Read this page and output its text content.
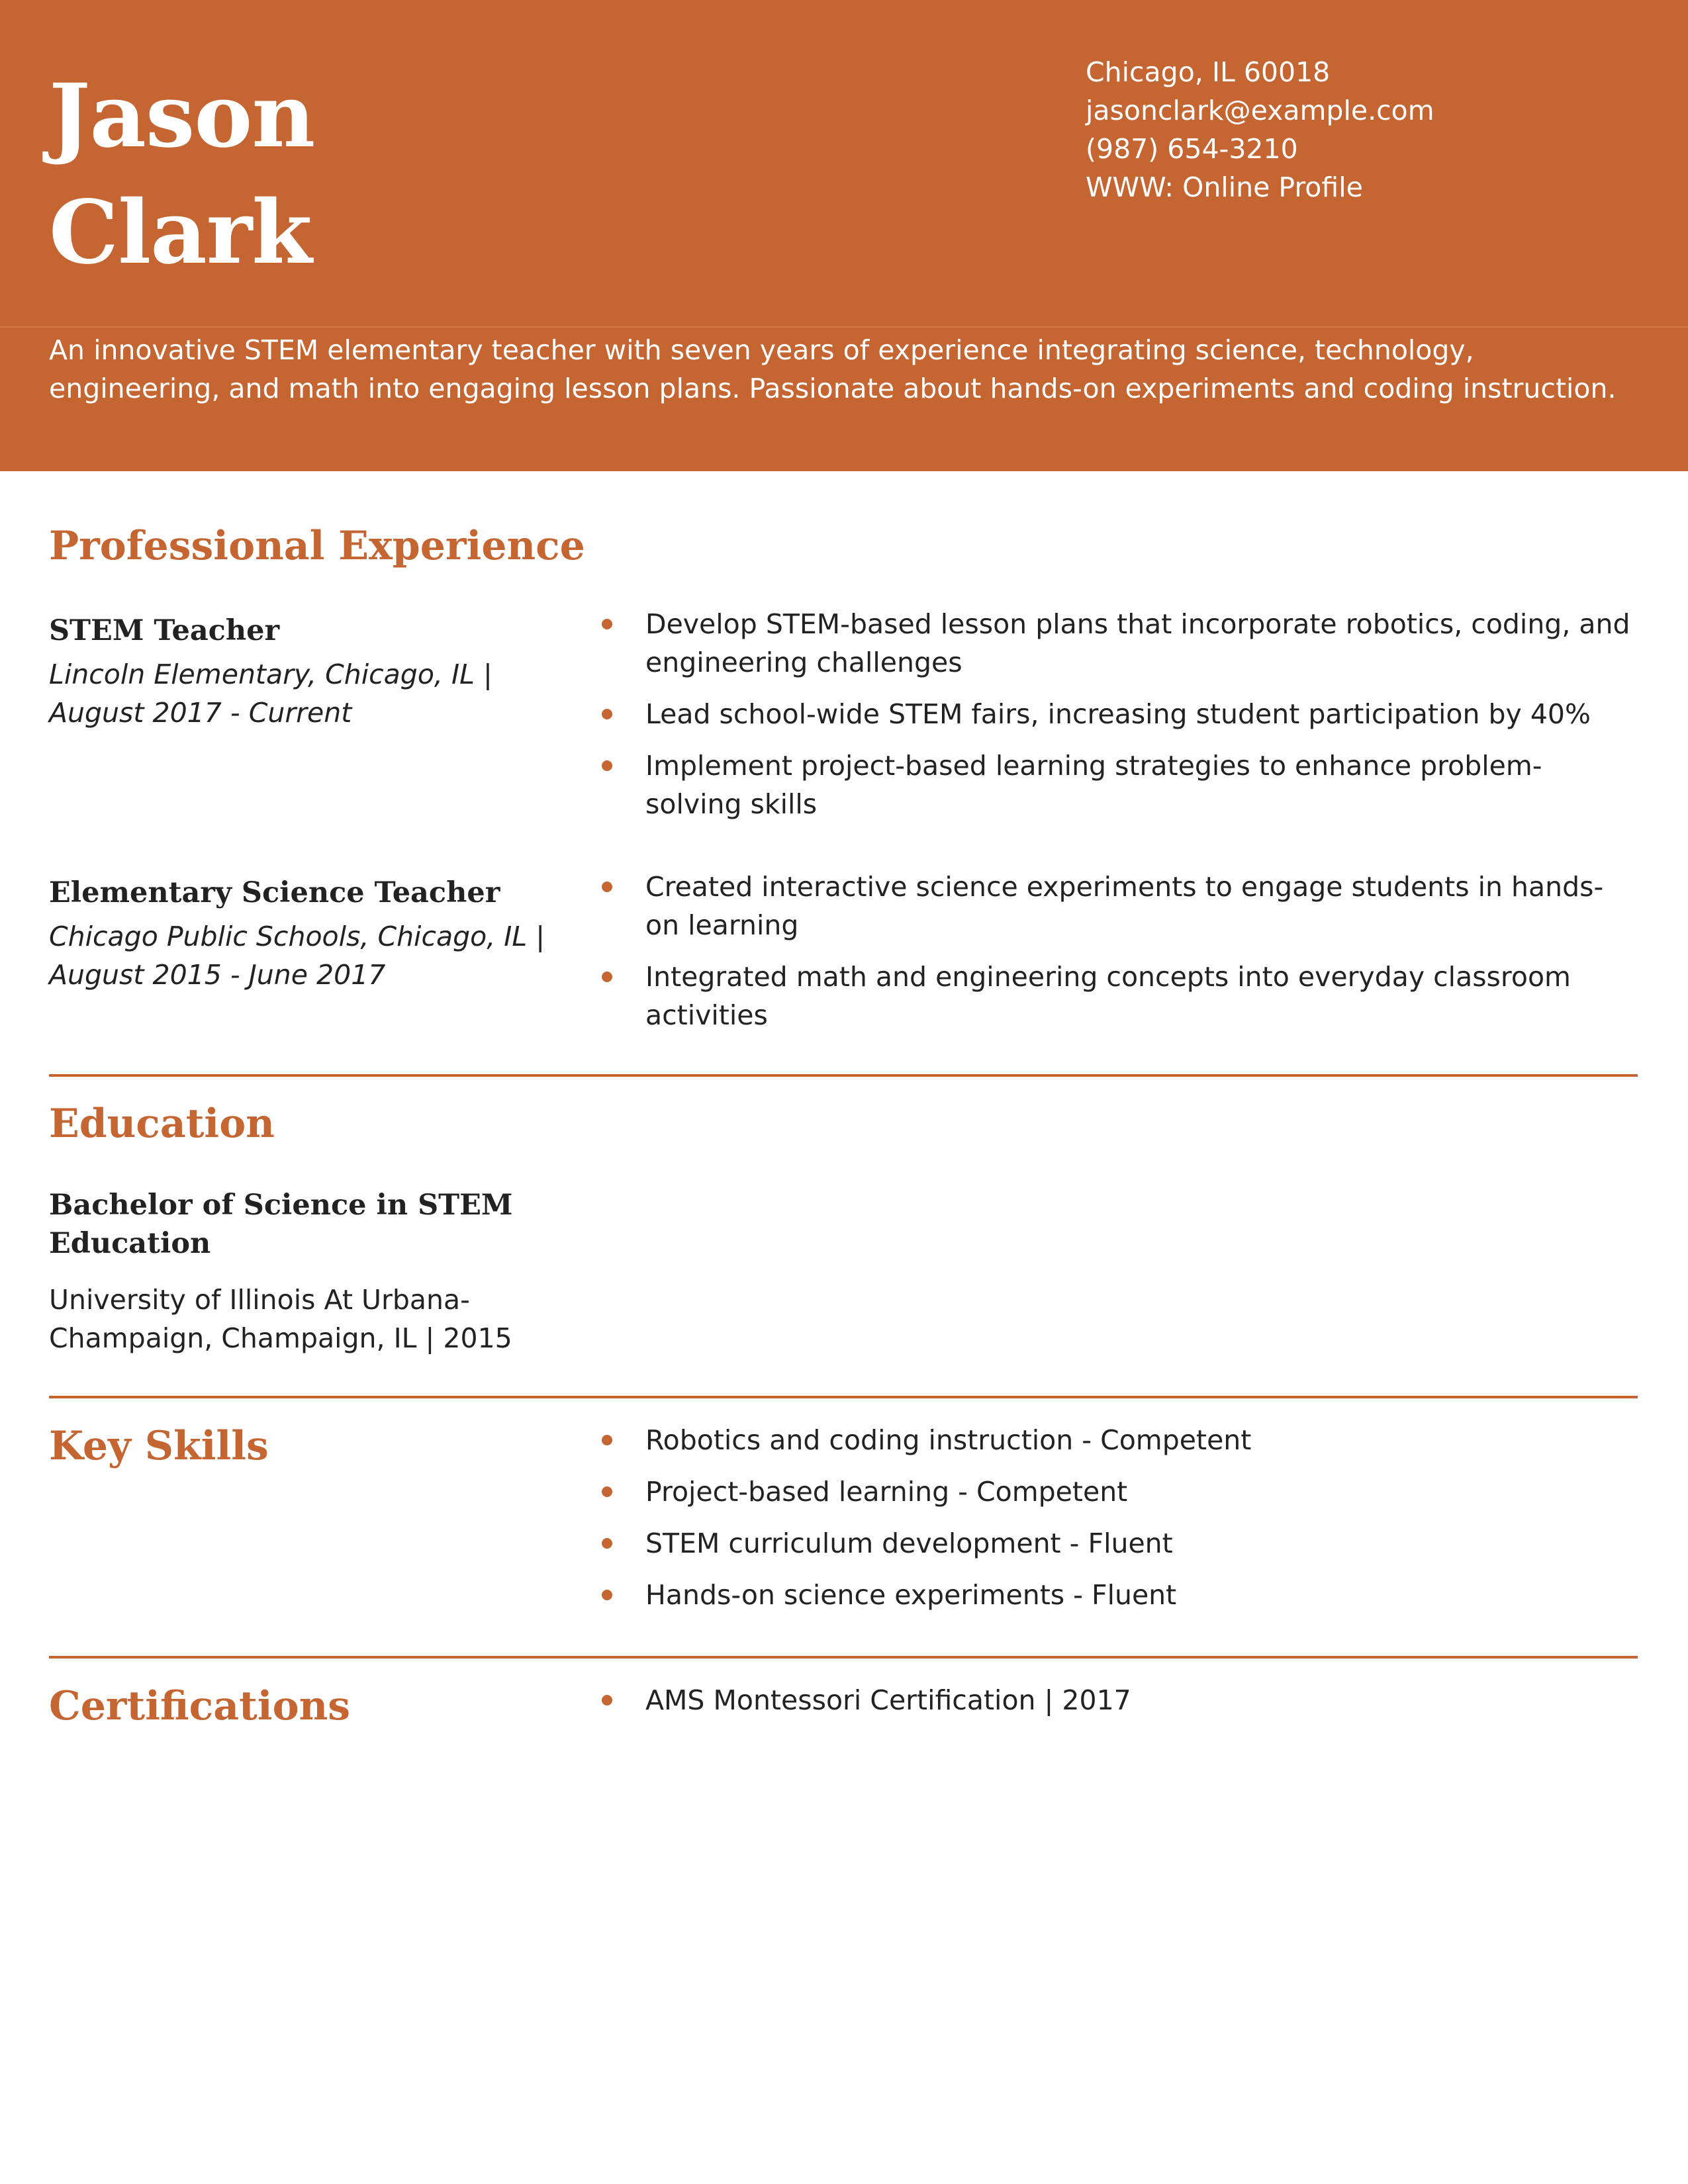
Jason
Clark
Chicago, IL 60018
jasonclark@example.com
(987) 654-3210
WWW: Online Profile
An innovative STEM elementary teacher with seven years of experience integrating science, technology, engineering, and math into engaging lesson plans. Passionate about hands-on experiments and coding instruction.
Professional Experience
STEM Teacher
Lincoln Elementary, Chicago, IL | August 2017 - Current
Develop STEM-based lesson plans that incorporate robotics, coding, and engineering challenges
Lead school-wide STEM fairs, increasing student participation by 40%
Implement project-based learning strategies to enhance problem-solving skills
Elementary Science Teacher
Chicago Public Schools, Chicago, IL | August 2015 - June 2017
Created interactive science experiments to engage students in hands-on learning
Integrated math and engineering concepts into everyday classroom activities
Education
Bachelor of Science in STEM Education
University of Illinois At Urbana-Champaign, Champaign, IL | 2015
Key Skills	Robotics and coding instruction - Competent
Project-based learning - Competent
STEM curriculum development - Fluent
Hands-on science experiments - Fluent
Certifications	AMS Montessori Certification | 2017
